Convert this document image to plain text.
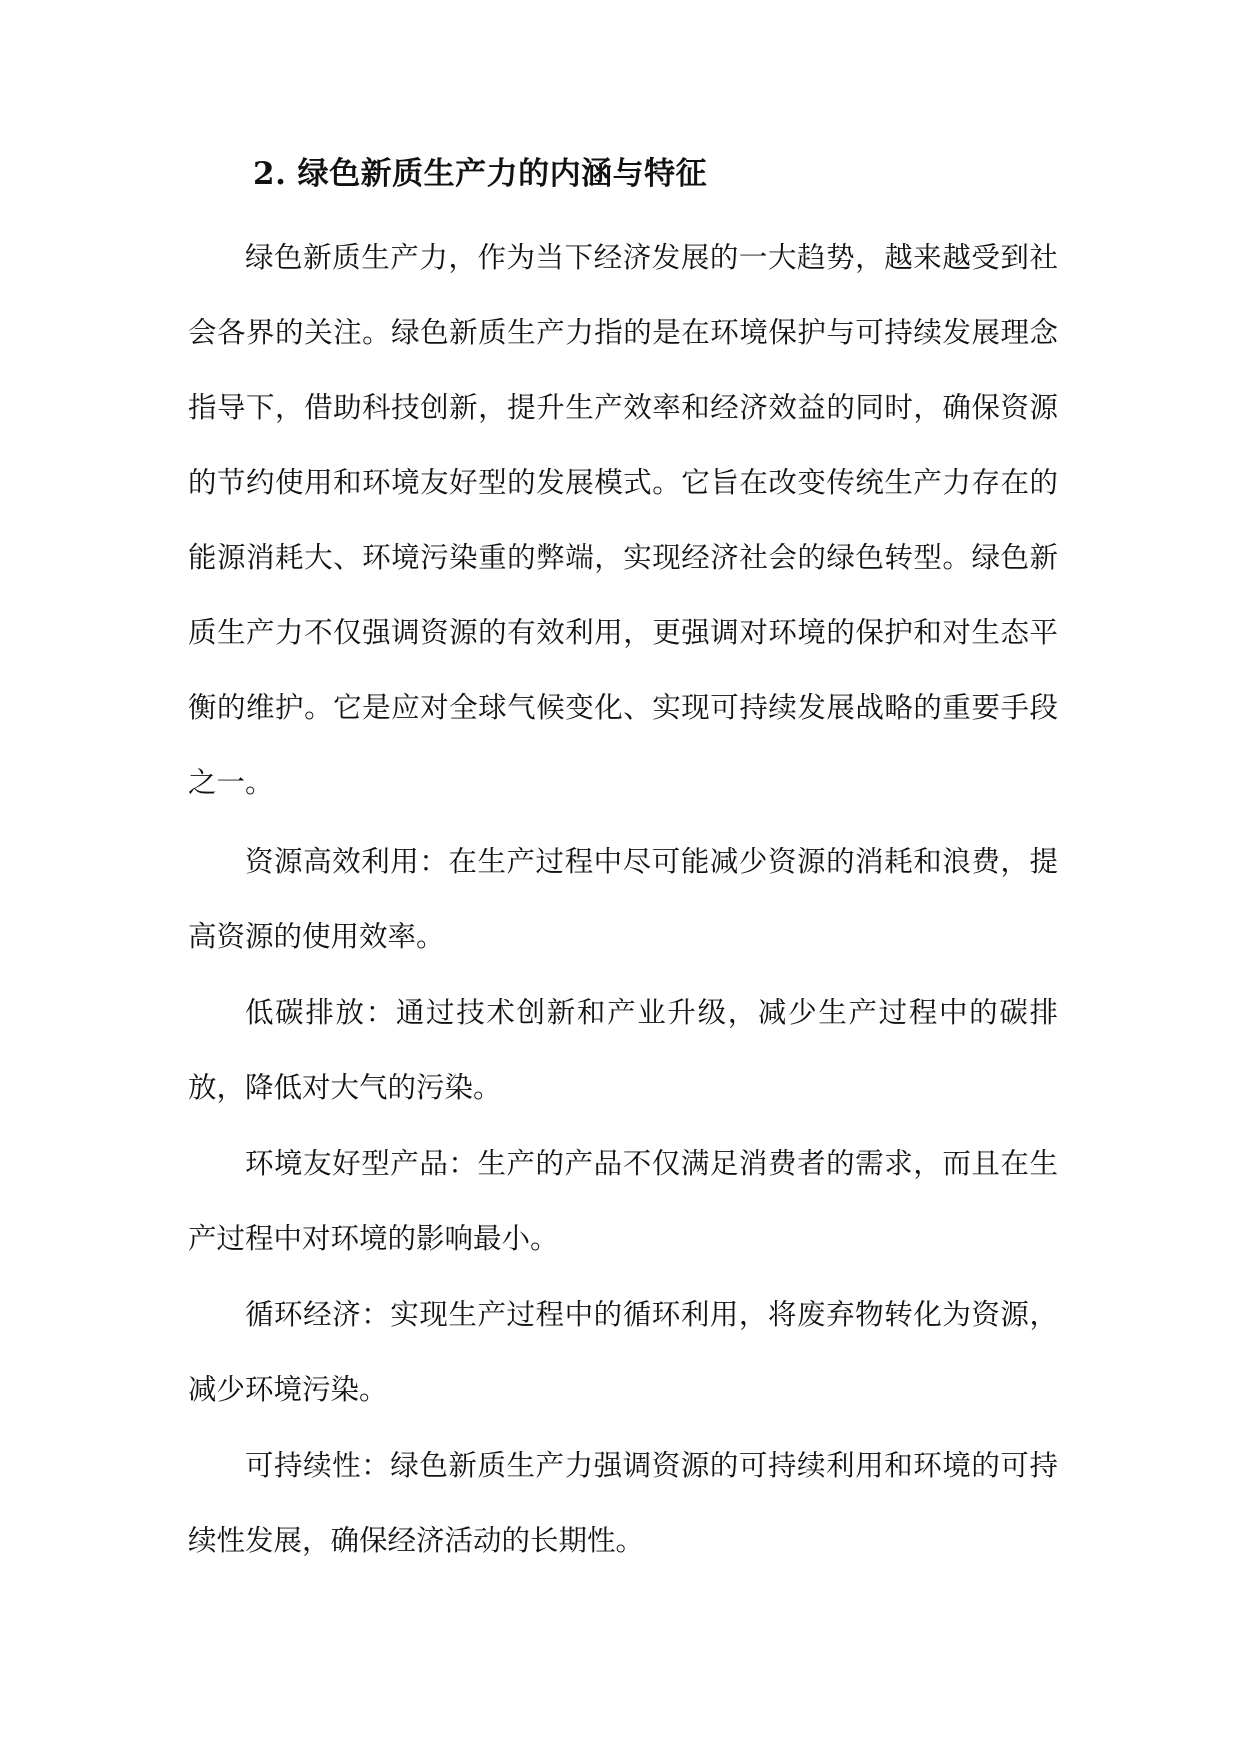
2. 绿色新质生产力的内涵与特征

绿色新质生产力，作为当下经济发展的一大趋势，越来越受到社会各界的关注。绿色新质生产力指的是在环境保护与可持续发展理念指导下，借助科技创新，提升生产效率和经济效益的同时，确保资源的节约使用和环境友好型的发展模式。它旨在改变传统生产力存在的能源消耗大、环境污染重的弊端，实现经济社会的绿色转型。绿色新质生产力不仅强调资源的有效利用，更强调对环境的保护和对生态平衡的维护。它是应对全球气候变化、实现可持续发展战略的重要手段之一。

资源高效利用：在生产过程中尽可能减少资源的消耗和浪费，提高资源的使用效率。

低碳排放：通过技术创新和产业升级，减少生产过程中的碳排放，降低对大气的污染。

环境友好型产品：生产的产品不仅满足消费者的需求，而且在生产过程中对环境的影响最小。

循环经济：实现生产过程中的循环利用，将废弃物转化为资源，减少环境污染。

可持续性：绿色新质生产力强调资源的可持续利用和环境的可持续性发展，确保经济活动的长期性。
